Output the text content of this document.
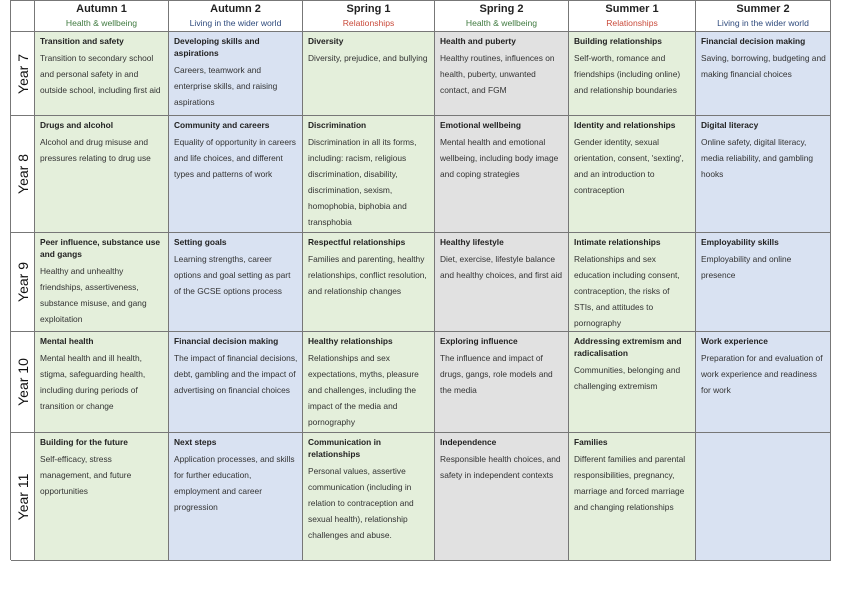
Autumn 1
Health & wellbeing
Autumn 2
Living in the wider world
Spring 1
Relationships
Spring 2
Health & wellbeing
Summer 1
Relationships
Summer 2
Living in the wider world
Year 7
Transition and safety
Transition to secondary school and personal safety in and outside school, including first aid
Developing skills and aspirations
Careers, teamwork and enterprise skills, and raising aspirations
Diversity
Diversity, prejudice, and bullying
Health and puberty
Healthy routines, influences on health, puberty, unwanted contact, and FGM
Building relationships
Self-worth, romance and friendships (including online) and relationship boundaries
Financial decision making
Saving, borrowing, budgeting and making financial choices
Year 8
Drugs and alcohol
Alcohol and drug misuse and pressures relating to drug use
Community and careers
Equality of opportunity in careers and life choices, and different types and patterns of work
Discrimination
Discrimination in all its forms, including: racism, religious discrimination, disability, discrimination, sexism, homophobia, biphobia and transphobia
Emotional wellbeing
Mental health and emotional wellbeing, including body image and coping strategies
Identity and relationships
Gender identity, sexual orientation, consent, 'sexting', and an introduction to contraception
Digital literacy
Online safety, digital literacy, media reliability, and gambling hooks
Year 9
Peer influence, substance use and gangs
Healthy and unhealthy friendships, assertiveness, substance misuse, and gang exploitation
Setting goals
Learning strengths, career options and goal setting as part of the GCSE options process
Respectful relationships
Families and parenting, healthy relationships, conflict resolution, and relationship changes
Healthy lifestyle
Diet, exercise, lifestyle balance and healthy choices, and first aid
Intimate relationships
Relationships and sex education including consent, contraception, the risks of STIs, and attitudes to pornography
Employability skills
Employability and online presence
Year 10
Mental health
Mental health and ill health, stigma, safeguarding health, including during periods of transition or change
Financial decision making
The impact of financial decisions, debt, gambling and the impact of advertising on financial choices
Healthy relationships
Relationships and sex expectations, myths, pleasure and challenges, including the impact of the media and pornography
Exploring influence
The influence and impact of drugs, gangs, role models and the media
Addressing extremism and radicalisation
Communities, belonging and challenging extremism
Work experience
Preparation for and evaluation of work experience and readiness for work
Year 11
Building for the future
Self-efficacy, stress management, and future opportunities
Next steps
Application processes, and skills for further education, employment and career progression
Communication in relationships
Personal values, assertive communication (including in relation to contraception and sexual health), relationship challenges and abuse.
Independence
Responsible health choices, and safety in independent contexts
Families
Different families and parental responsibilities, pregnancy, marriage and forced marriage and changing relationships
